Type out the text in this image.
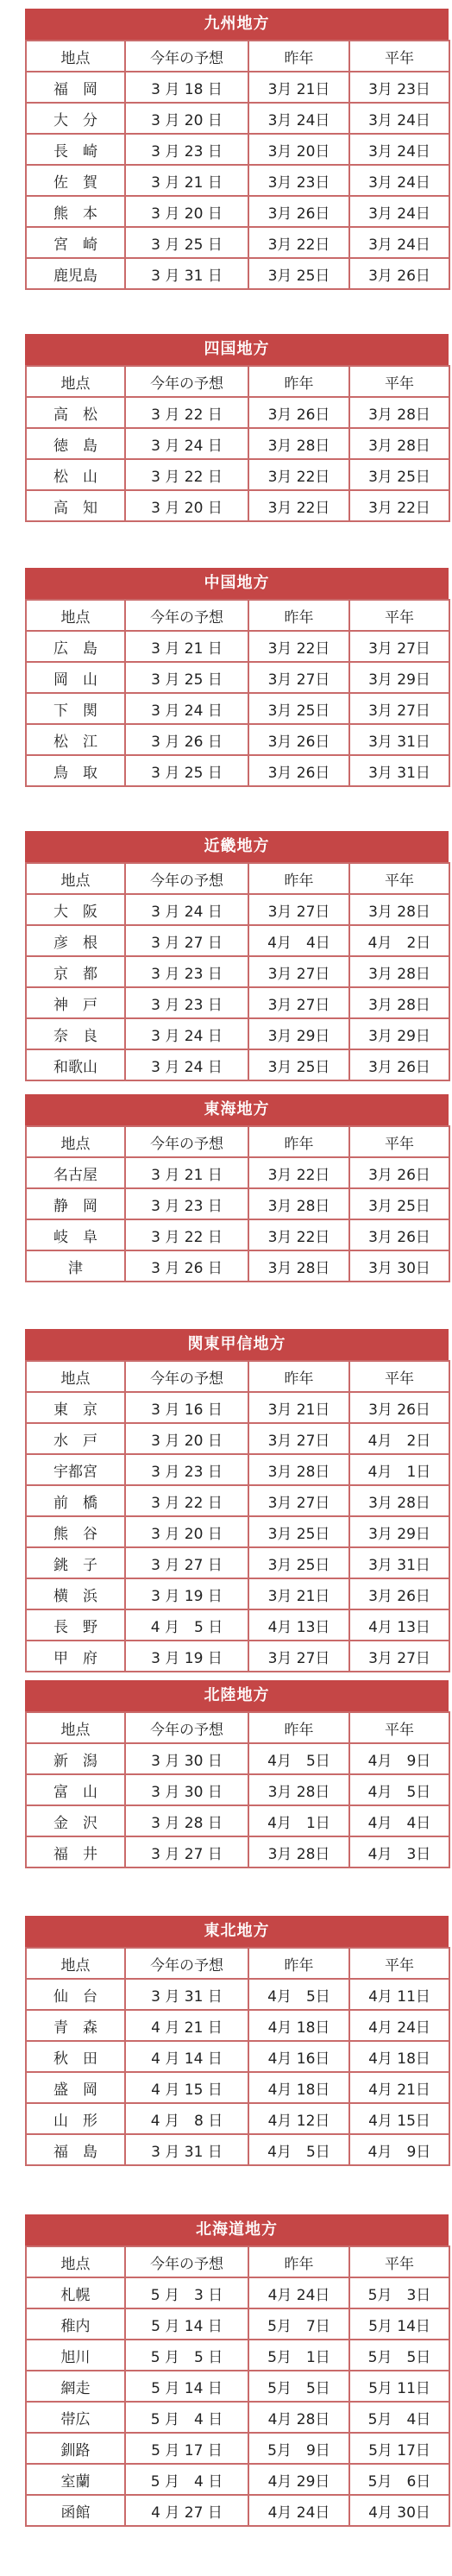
九州地方
地点	今年の予想	昨年	平年
福　岡	3 月 18 日	3月 21日	3月 23日
大　分	3 月 20 日	3月 24日	3月 24日
長　崎	3 月 23 日	3月 20日	3月 24日
佐　賀	3 月 21 日	3月 23日	3月 24日
熊　本	3 月 20 日	3月 26日	3月 24日
宮　崎	3 月 25 日	3月 22日	3月 24日
鹿児島	3 月 31 日	3月 25日	3月 26日
四国地方
地点	今年の予想	昨年	平年
高　松	3 月 22 日	3月 26日	3月 28日
徳　島	3 月 24 日	3月 28日	3月 28日
松　山	3 月 22 日	3月 22日	3月 25日
高　知	3 月 20 日	3月 22日	3月 22日
中国地方
地点	今年の予想	昨年	平年
広　島	3 月 21 日	3月 22日	3月 27日
岡　山	3 月 25 日	3月 27日	3月 29日
下　関	3 月 24 日	3月 25日	3月 27日
松　江	3 月 26 日	3月 26日	3月 31日
鳥　取	3 月 25 日	3月 26日	3月 31日
近畿地方
地点	今年の予想	昨年	平年
大　阪	3 月 24 日	3月 27日	3月 28日
彦　根	3 月 27 日	4月　4日	4月　2日
京　都	3 月 23 日	3月 27日	3月 28日
神　戸	3 月 23 日	3月 27日	3月 28日
奈　良	3 月 24 日	3月 29日	3月 29日
和歌山	3 月 24 日	3月 25日	3月 26日
東海地方
地点	今年の予想	昨年	平年
名古屋	3 月 21 日	3月 22日	3月 26日
静　岡	3 月 23 日	3月 28日	3月 25日
岐　阜	3 月 22 日	3月 22日	3月 26日
津	3 月 26 日	3月 28日	3月 30日
関東甲信地方
地点	今年の予想	昨年	平年
東　京	3 月 16 日	3月 21日	3月 26日
水　戸	3 月 20 日	3月 27日	4月　2日
宇都宮	3 月 23 日	3月 28日	4月　1日
前　橋	3 月 22 日	3月 27日	3月 28日
熊　谷	3 月 20 日	3月 25日	3月 29日
銚　子	3 月 27 日	3月 25日	3月 31日
横　浜	3 月 19 日	3月 21日	3月 26日
長　野	4 月　5 日	4月 13日	4月 13日
甲　府	3 月 19 日	3月 27日	3月 27日
北陸地方
地点	今年の予想	昨年	平年
新　潟	3 月 30 日	4月　5日	4月　9日
富　山	3 月 30 日	3月 28日	4月　5日
金　沢	3 月 28 日	4月　1日	4月　4日
福　井	3 月 27 日	3月 28日	4月　3日
東北地方
地点	今年の予想	昨年	平年
仙　台	3 月 31 日	4月　5日	4月 11日
青　森	4 月 21 日	4月 18日	4月 24日
秋　田	4 月 14 日	4月 16日	4月 18日
盛　岡	4 月 15 日	4月 18日	4月 21日
山　形	4 月　8 日	4月 12日	4月 15日
福　島	3 月 31 日	4月　5日	4月　9日
北海道地方
地点	今年の予想	昨年	平年
札幌	5 月　3 日	4月 24日	5月　3日
稚内	5 月 14 日	5月　7日	5月 14日
旭川	5 月　5 日	5月　1日	5月　5日
網走	5 月 14 日	5月　5日	5月 11日
帯広	5 月　4 日	4月 28日	5月　4日
釧路	5 月 17 日	5月　9日	5月 17日
室蘭	5 月　4 日	4月 29日	5月　6日
函館	4 月 27 日	4月 24日	4月 30日
